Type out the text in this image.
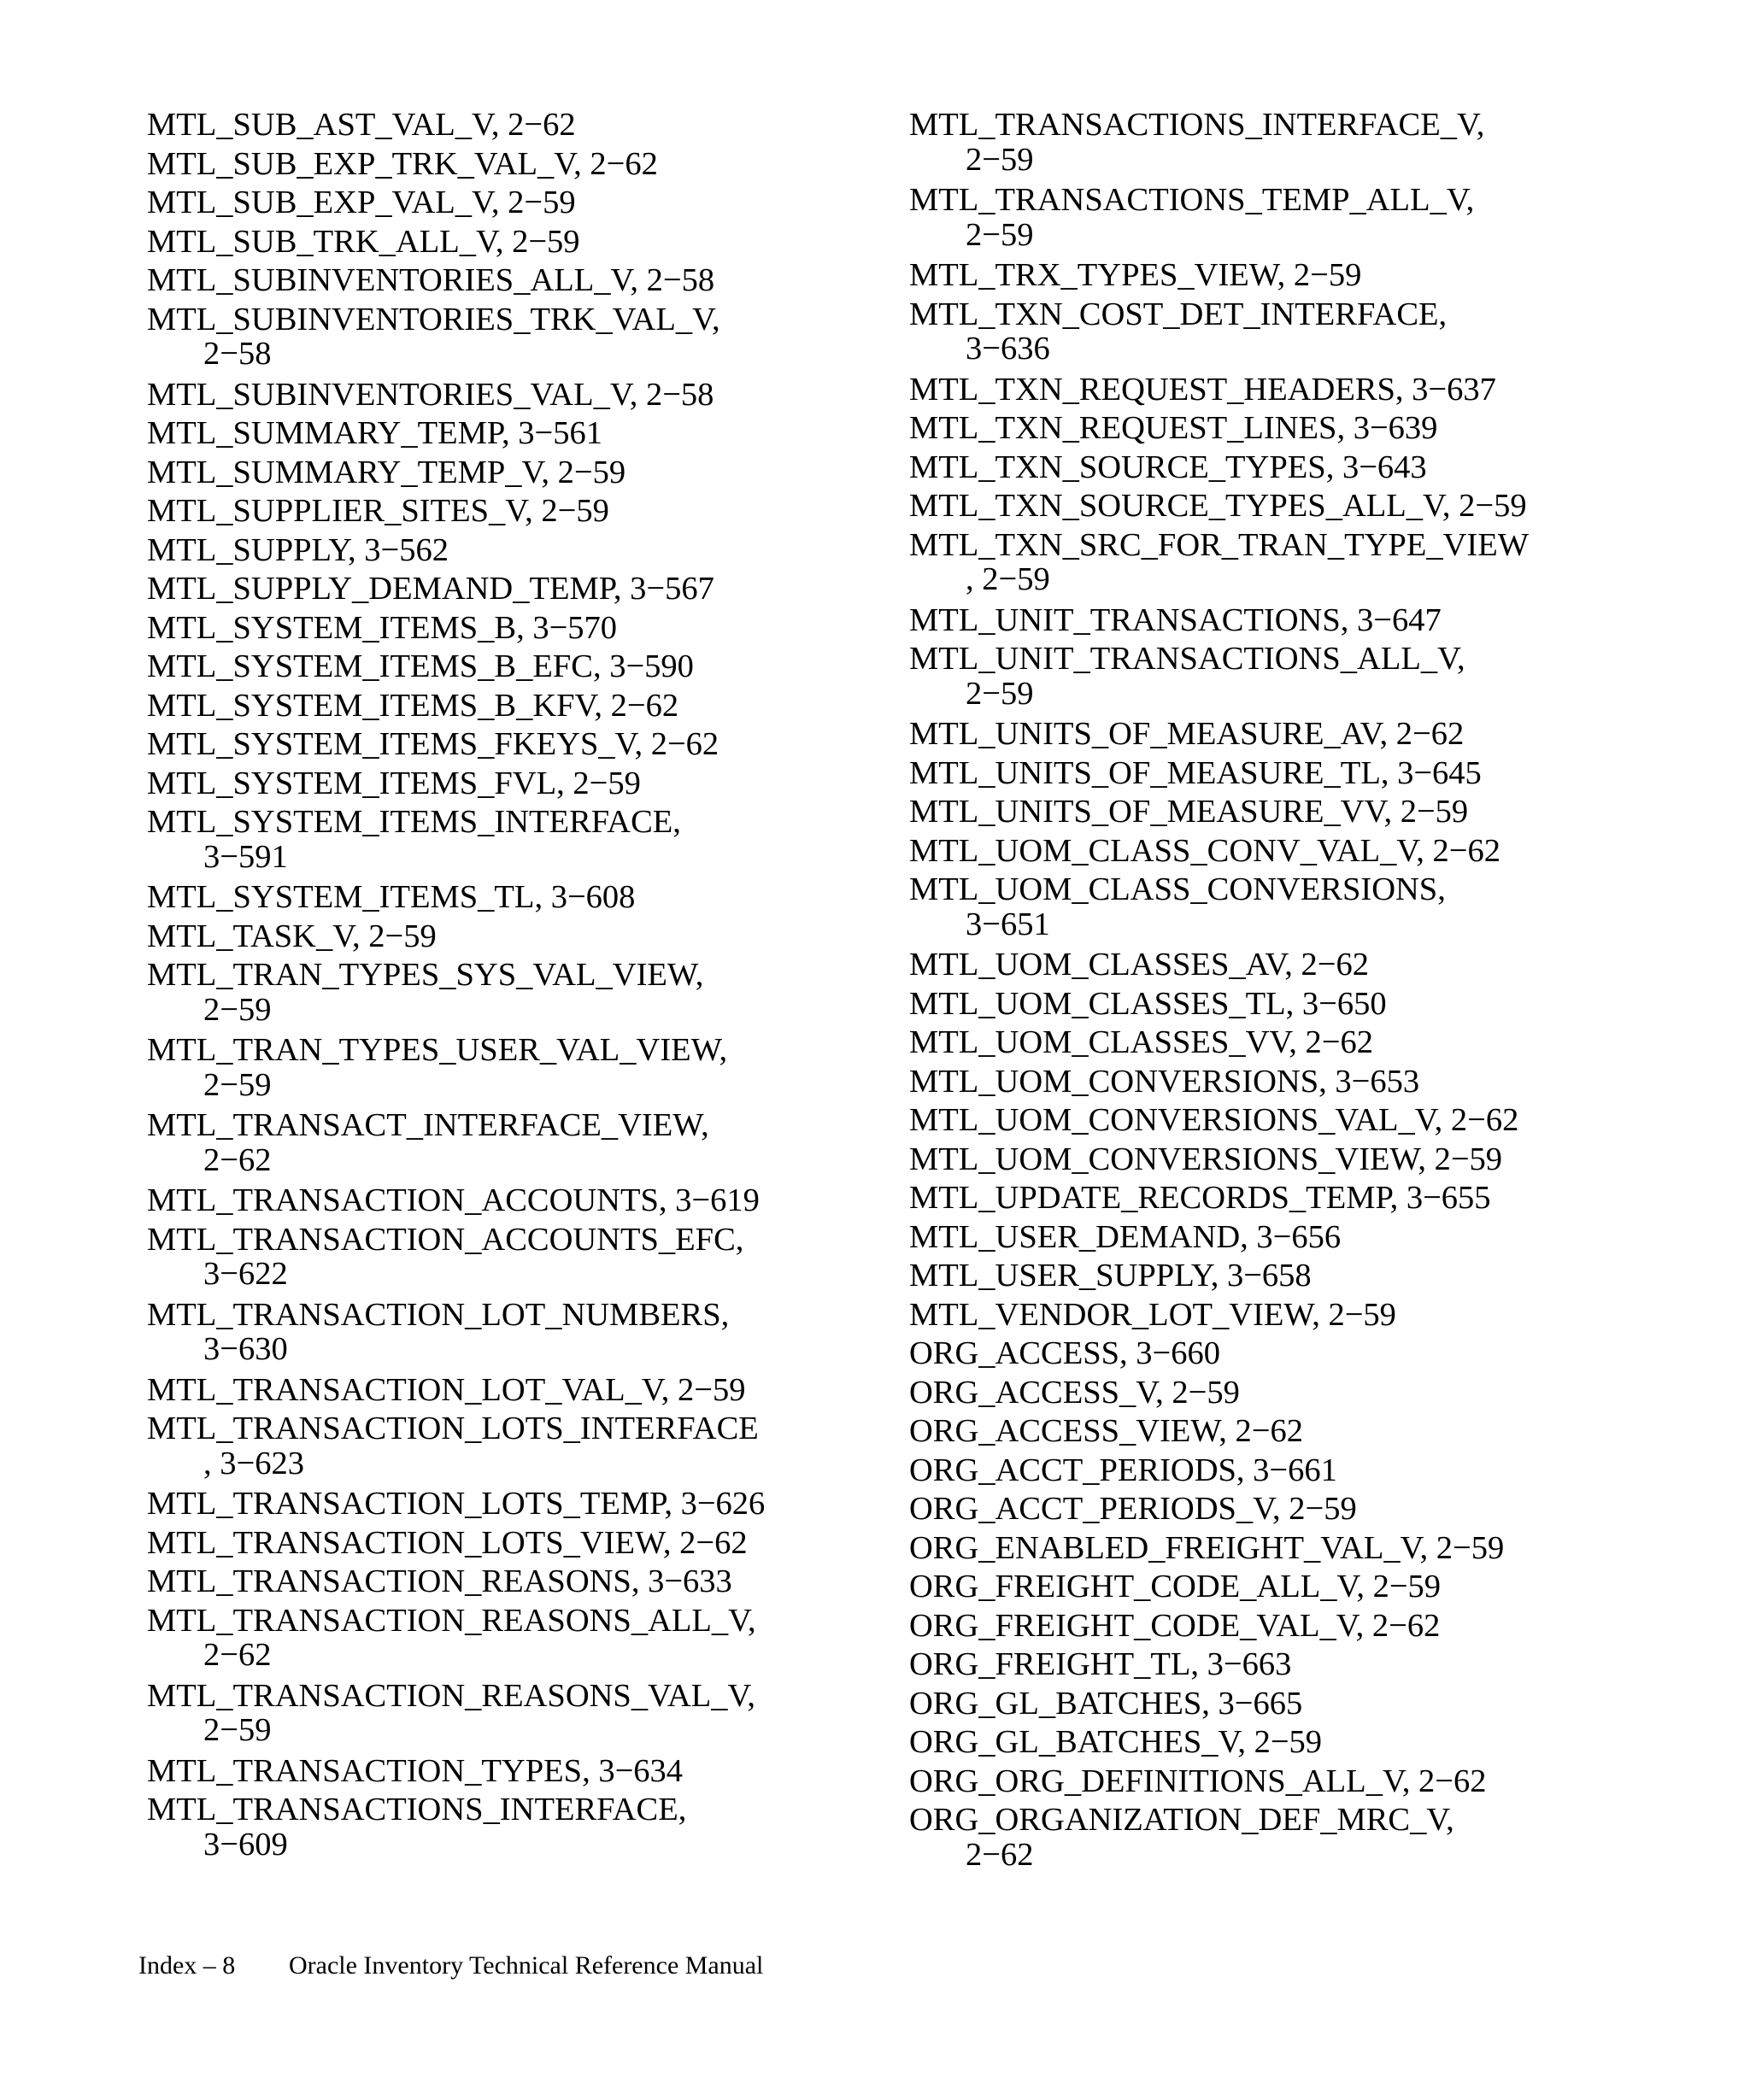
MTL_SUB_AST_VAL_V, 2−62
MTL_SUB_EXP_TRK_VAL_V, 2−62
MTL_SUB_EXP_VAL_V, 2−59
MTL_SUB_TRK_ALL_V, 2−59
MTL_SUBINVENTORIES_ALL_V, 2−58
MTL_SUBINVENTORIES_TRK_VAL_V,
2−58
MTL_SUBINVENTORIES_VAL_V, 2−58
MTL_SUMMARY_TEMP, 3−561
MTL_SUMMARY_TEMP_V, 2−59
MTL_SUPPLIER_SITES_V, 2−59
MTL_SUPPLY, 3−562
MTL_SUPPLY_DEMAND_TEMP, 3−567
MTL_SYSTEM_ITEMS_B, 3−570
MTL_SYSTEM_ITEMS_B_EFC, 3−590
MTL_SYSTEM_ITEMS_B_KFV, 2−62
MTL_SYSTEM_ITEMS_FKEYS_V, 2−62
MTL_SYSTEM_ITEMS_FVL, 2−59
MTL_SYSTEM_ITEMS_INTERFACE,
3−591
MTL_SYSTEM_ITEMS_TL, 3−608
MTL_TASK_V, 2−59
MTL_TRAN_TYPES_SYS_VAL_VIEW,
2−59
MTL_TRAN_TYPES_USER_VAL_VIEW,
2−59
MTL_TRANSACT_INTERFACE_VIEW,
2−62
MTL_TRANSACTION_ACCOUNTS, 3−619
MTL_TRANSACTION_ACCOUNTS_EFC,
3−622
MTL_TRANSACTION_LOT_NUMBERS,
3−630
MTL_TRANSACTION_LOT_VAL_V, 2−59
MTL_TRANSACTION_LOTS_INTERFACE
, 3−623
MTL_TRANSACTION_LOTS_TEMP, 3−626
MTL_TRANSACTION_LOTS_VIEW, 2−62
MTL_TRANSACTION_REASONS, 3−633
MTL_TRANSACTION_REASONS_ALL_V,
2−62
MTL_TRANSACTION_REASONS_VAL_V,
2−59
MTL_TRANSACTION_TYPES, 3−634
MTL_TRANSACTIONS_INTERFACE,
3−609
MTL_TRANSACTIONS_INTERFACE_V,
2−59
MTL_TRANSACTIONS_TEMP_ALL_V,
2−59
MTL_TRX_TYPES_VIEW, 2−59
MTL_TXN_COST_DET_INTERFACE,
3−636
MTL_TXN_REQUEST_HEADERS, 3−637
MTL_TXN_REQUEST_LINES, 3−639
MTL_TXN_SOURCE_TYPES, 3−643
MTL_TXN_SOURCE_TYPES_ALL_V, 2−59
MTL_TXN_SRC_FOR_TRAN_TYPE_VIEW
, 2−59
MTL_UNIT_TRANSACTIONS, 3−647
MTL_UNIT_TRANSACTIONS_ALL_V,
2−59
MTL_UNITS_OF_MEASURE_AV, 2−62
MTL_UNITS_OF_MEASURE_TL, 3−645
MTL_UNITS_OF_MEASURE_VV, 2−59
MTL_UOM_CLASS_CONV_VAL_V, 2−62
MTL_UOM_CLASS_CONVERSIONS,
3−651
MTL_UOM_CLASSES_AV, 2−62
MTL_UOM_CLASSES_TL, 3−650
MTL_UOM_CLASSES_VV, 2−62
MTL_UOM_CONVERSIONS, 3−653
MTL_UOM_CONVERSIONS_VAL_V, 2−62
MTL_UOM_CONVERSIONS_VIEW, 2−59
MTL_UPDATE_RECORDS_TEMP, 3−655
MTL_USER_DEMAND, 3−656
MTL_USER_SUPPLY, 3−658
MTL_VENDOR_LOT_VIEW, 2−59
ORG_ACCESS, 3−660
ORG_ACCESS_V, 2−59
ORG_ACCESS_VIEW, 2−62
ORG_ACCT_PERIODS, 3−661
ORG_ACCT_PERIODS_V, 2−59
ORG_ENABLED_FREIGHT_VAL_V, 2−59
ORG_FREIGHT_CODE_ALL_V, 2−59
ORG_FREIGHT_CODE_VAL_V, 2−62
ORG_FREIGHT_TL, 3−663
ORG_GL_BATCHES, 3−665
ORG_GL_BATCHES_V, 2−59
ORG_ORG_DEFINITIONS_ALL_V, 2−62
ORG_ORGANIZATION_DEF_MRC_V,
2−62
Index – 8 Oracle Inventory Technical Reference Manual
